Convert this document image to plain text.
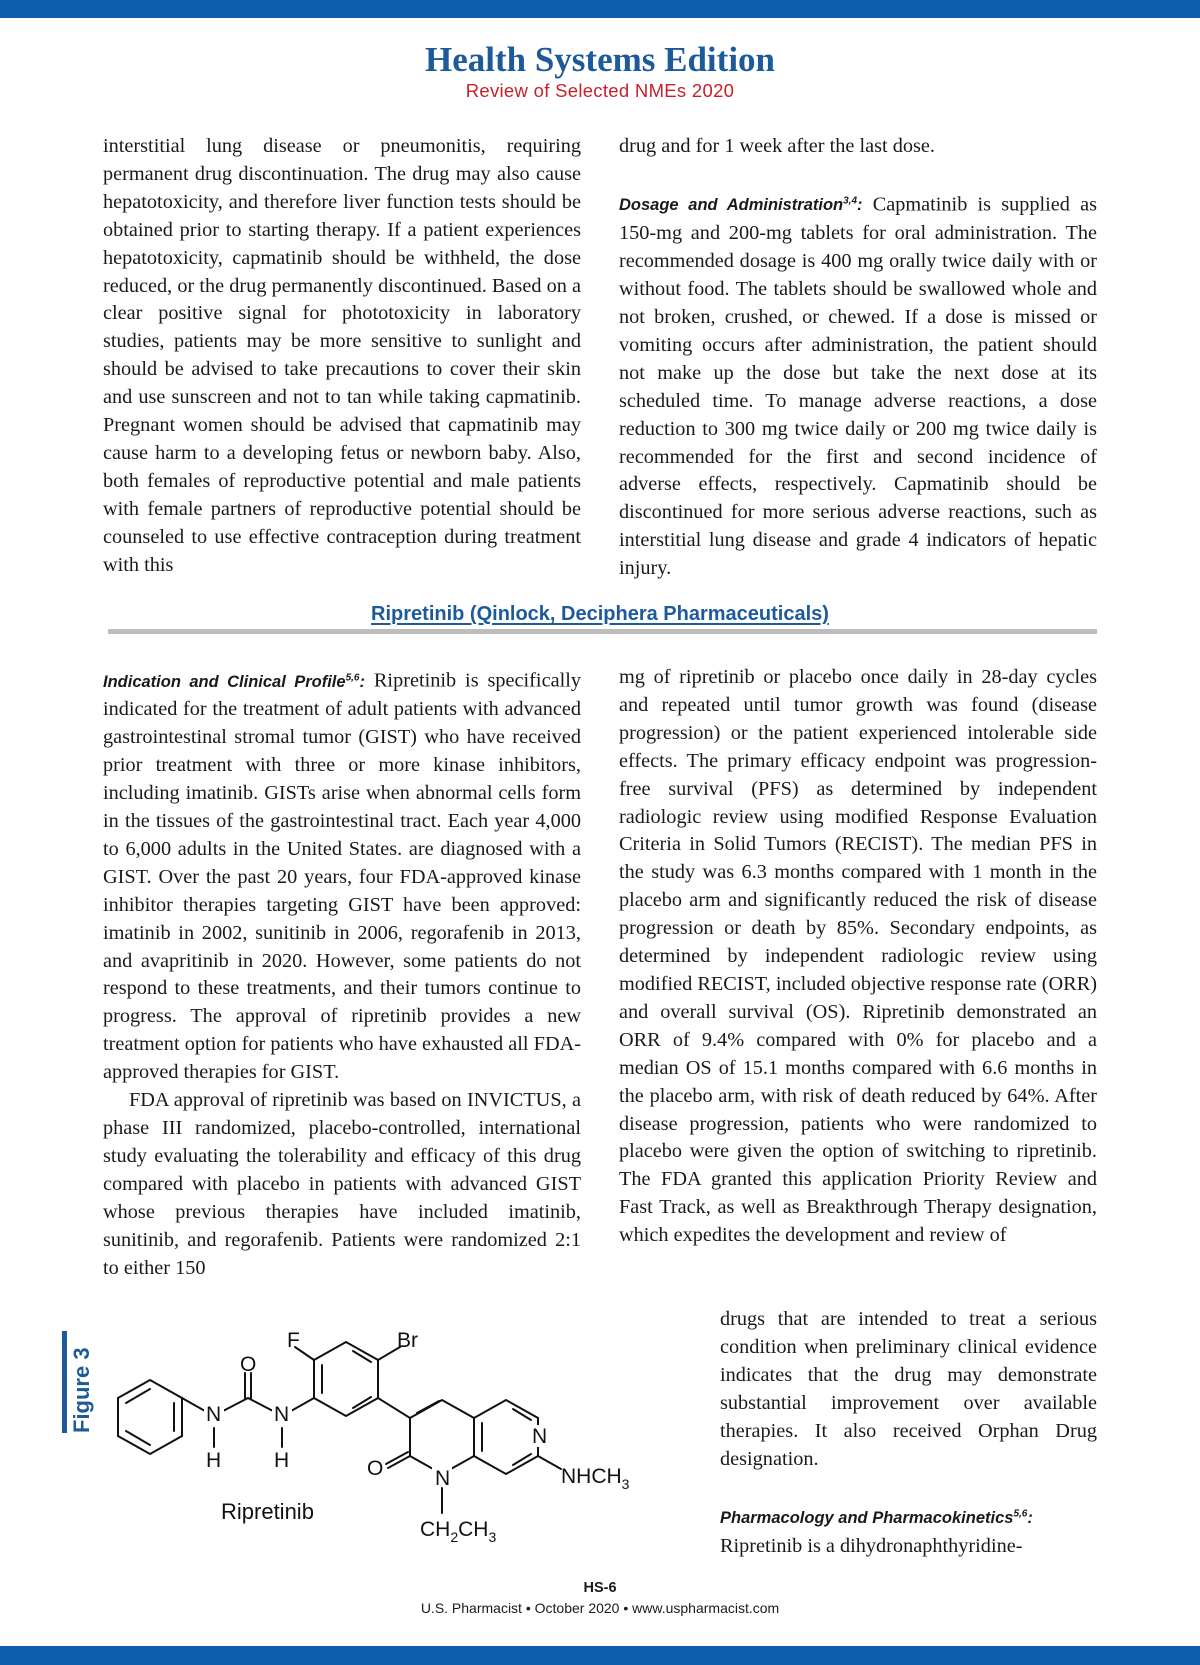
Health Systems Edition
Review of Selected NMEs 2020

interstitial lung disease or pneumonitis, requiring permanent drug discontinuation. The drug may also cause hepatotoxicity, and therefore liver function tests should be obtained prior to starting therapy. If a patient experiences hepatotoxicity, capmatinib should be withheld, the dose reduced, or the drug permanently discontinued. Based on a clear positive signal for phototoxicity in laboratory studies, patients may be more sensitive to sunlight and should be advised to take precautions to cover their skin and use sunscreen and not to tan while taking capmatinib. Pregnant women should be advised that capmatinib may cause harm to a developing fetus or newborn baby. Also, both females of reproductive potential and male patients with female partners of reproductive potential should be counseled to use effective contraception during treatment with this

drug and for 1 week after the last dose.

Dosage and Administration$^{3,4}$: Capmatinib is supplied as 150-mg and 200-mg tablets for oral administration. The recommended dosage is 400 mg orally twice daily with or without food. The tablets should be swallowed whole and not broken, crushed, or chewed. If a dose is missed or vomiting occurs after administration, the patient should not make up the dose but take the next dose at its scheduled time. To manage adverse reactions, a dose reduction to 300 mg twice daily or 200 mg twice daily is recommended for the first and second incidence of adverse effects, respectively. Capmatinib should be discontinued for more serious adverse reactions, such as interstitial lung disease and grade 4 indicators of hepatic injury.

Ripretinib (Qinlock, Deciphera Pharmaceuticals)

Indication and Clinical Profile$^{5,6}$: Ripretinib is specifically indicated for the treatment of adult patients with advanced gastrointestinal stromal tumor (GIST) who have received prior treatment with three or more kinase inhibitors, including imatinib. GISTs arise when abnormal cells form in the tissues of the gastrointestinal tract. Each year 4,000 to 6,000 adults in the United States. are diagnosed with a GIST. Over the past 20 years, four FDA-approved kinase inhibitor therapies targeting GIST have been approved: imatinib in 2002, sunitinib in 2006, regorafenib in 2013, and avapritinib in 2020. However, some patients do not respond to these treatments, and their tumors continue to progress. The approval of ripretinib provides a new treatment option for patients who have exhausted all FDA-approved therapies for GIST.

FDA approval of ripretinib was based on INVICTUS, a phase III randomized, placebo-controlled, international study evaluating the tolerability and efficacy of this drug compared with placebo in patients with advanced GIST whose previous therapies have included imatinib, sunitinib, and regorafenib. Patients were randomized 2:1 to either 150

mg of ripretinib or placebo once daily in 28-day cycles and repeated until tumor growth was found (disease progression) or the patient experienced intolerable side effects. The primary efficacy endpoint was progression-free survival (PFS) as determined by independent radiologic review using modified Response Evaluation Criteria in Solid Tumors (RECIST). The median PFS in the study was 6.3 months compared with 1 month in the placebo arm and significantly reduced the risk of disease progression or death by 85%. Secondary endpoints, as determined by independent radiologic review using modified RECIST, included objective response rate (ORR) and overall survival (OS). Ripretinib demonstrated an ORR of 9.4% compared with 0% for placebo and a median OS of 15.1 months compared with 6.6 months in the placebo arm, with risk of death reduced by 64%. After disease progression, patients who were randomized to placebo were given the option of switching to ripretinib. The FDA granted this application Priority Review and Fast Track, as well as Breakthrough Therapy designation, which expedites the development and review of

drugs that are intended to treat a serious condition when preliminary clinical evidence indicates that the drug may demonstrate substantial improvement over available therapies. It also received Orphan Drug designation.

Pharmacology and Pharmacokinetics$^{5,6}$:

Ripretinib is a dihydronaphthyridine-

Figure 3
F	Br
O
N	N
H	H
N
O N	$NHCH_3$
$CH_2CH_3$
Ripretinib
HS-6
U.S. Pharmacist • October 2020 • www.uspharmacist.com
